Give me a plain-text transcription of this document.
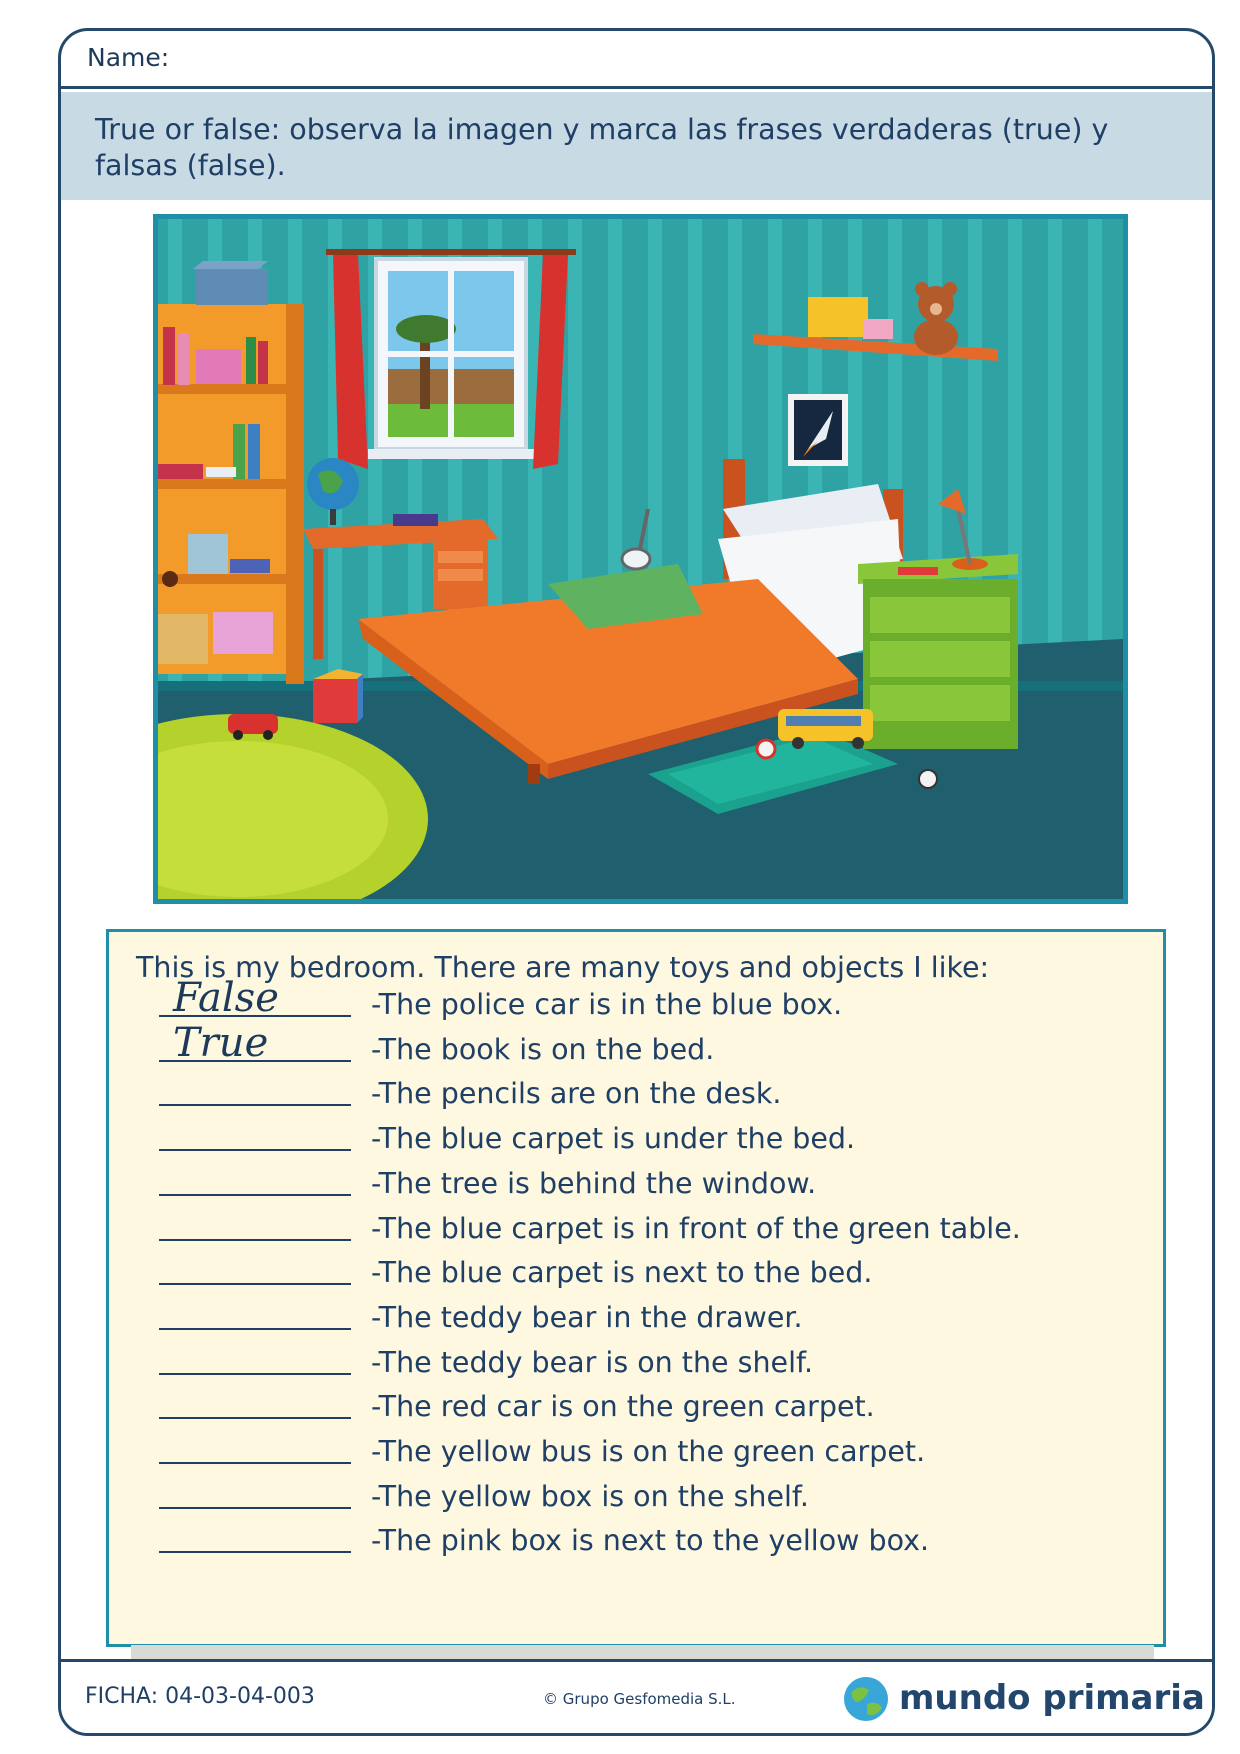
Name:
True or false: observa la imagen y marca las frases verdaderas (true) y falsas (false).
This is my bedroom. There are many toys and objects I like:
False	-The police car is in the blue box.
True	-The book is on the bed.
-The pencils are on the desk.
-The blue carpet is under the bed.
-The tree is behind the window.
-The blue carpet is in front of the green table.
-The blue carpet is next to the bed.
-The teddy bear in the drawer.
-The teddy bear is on the shelf.
-The red car is on the green carpet.
-The yellow bus is on the green carpet.
-The yellow box is on the shelf.
-The pink box is next to the yellow box.
FICHA: 04-03-04-003	© Grupo Gesfomedia S.L.	mundo primaria
